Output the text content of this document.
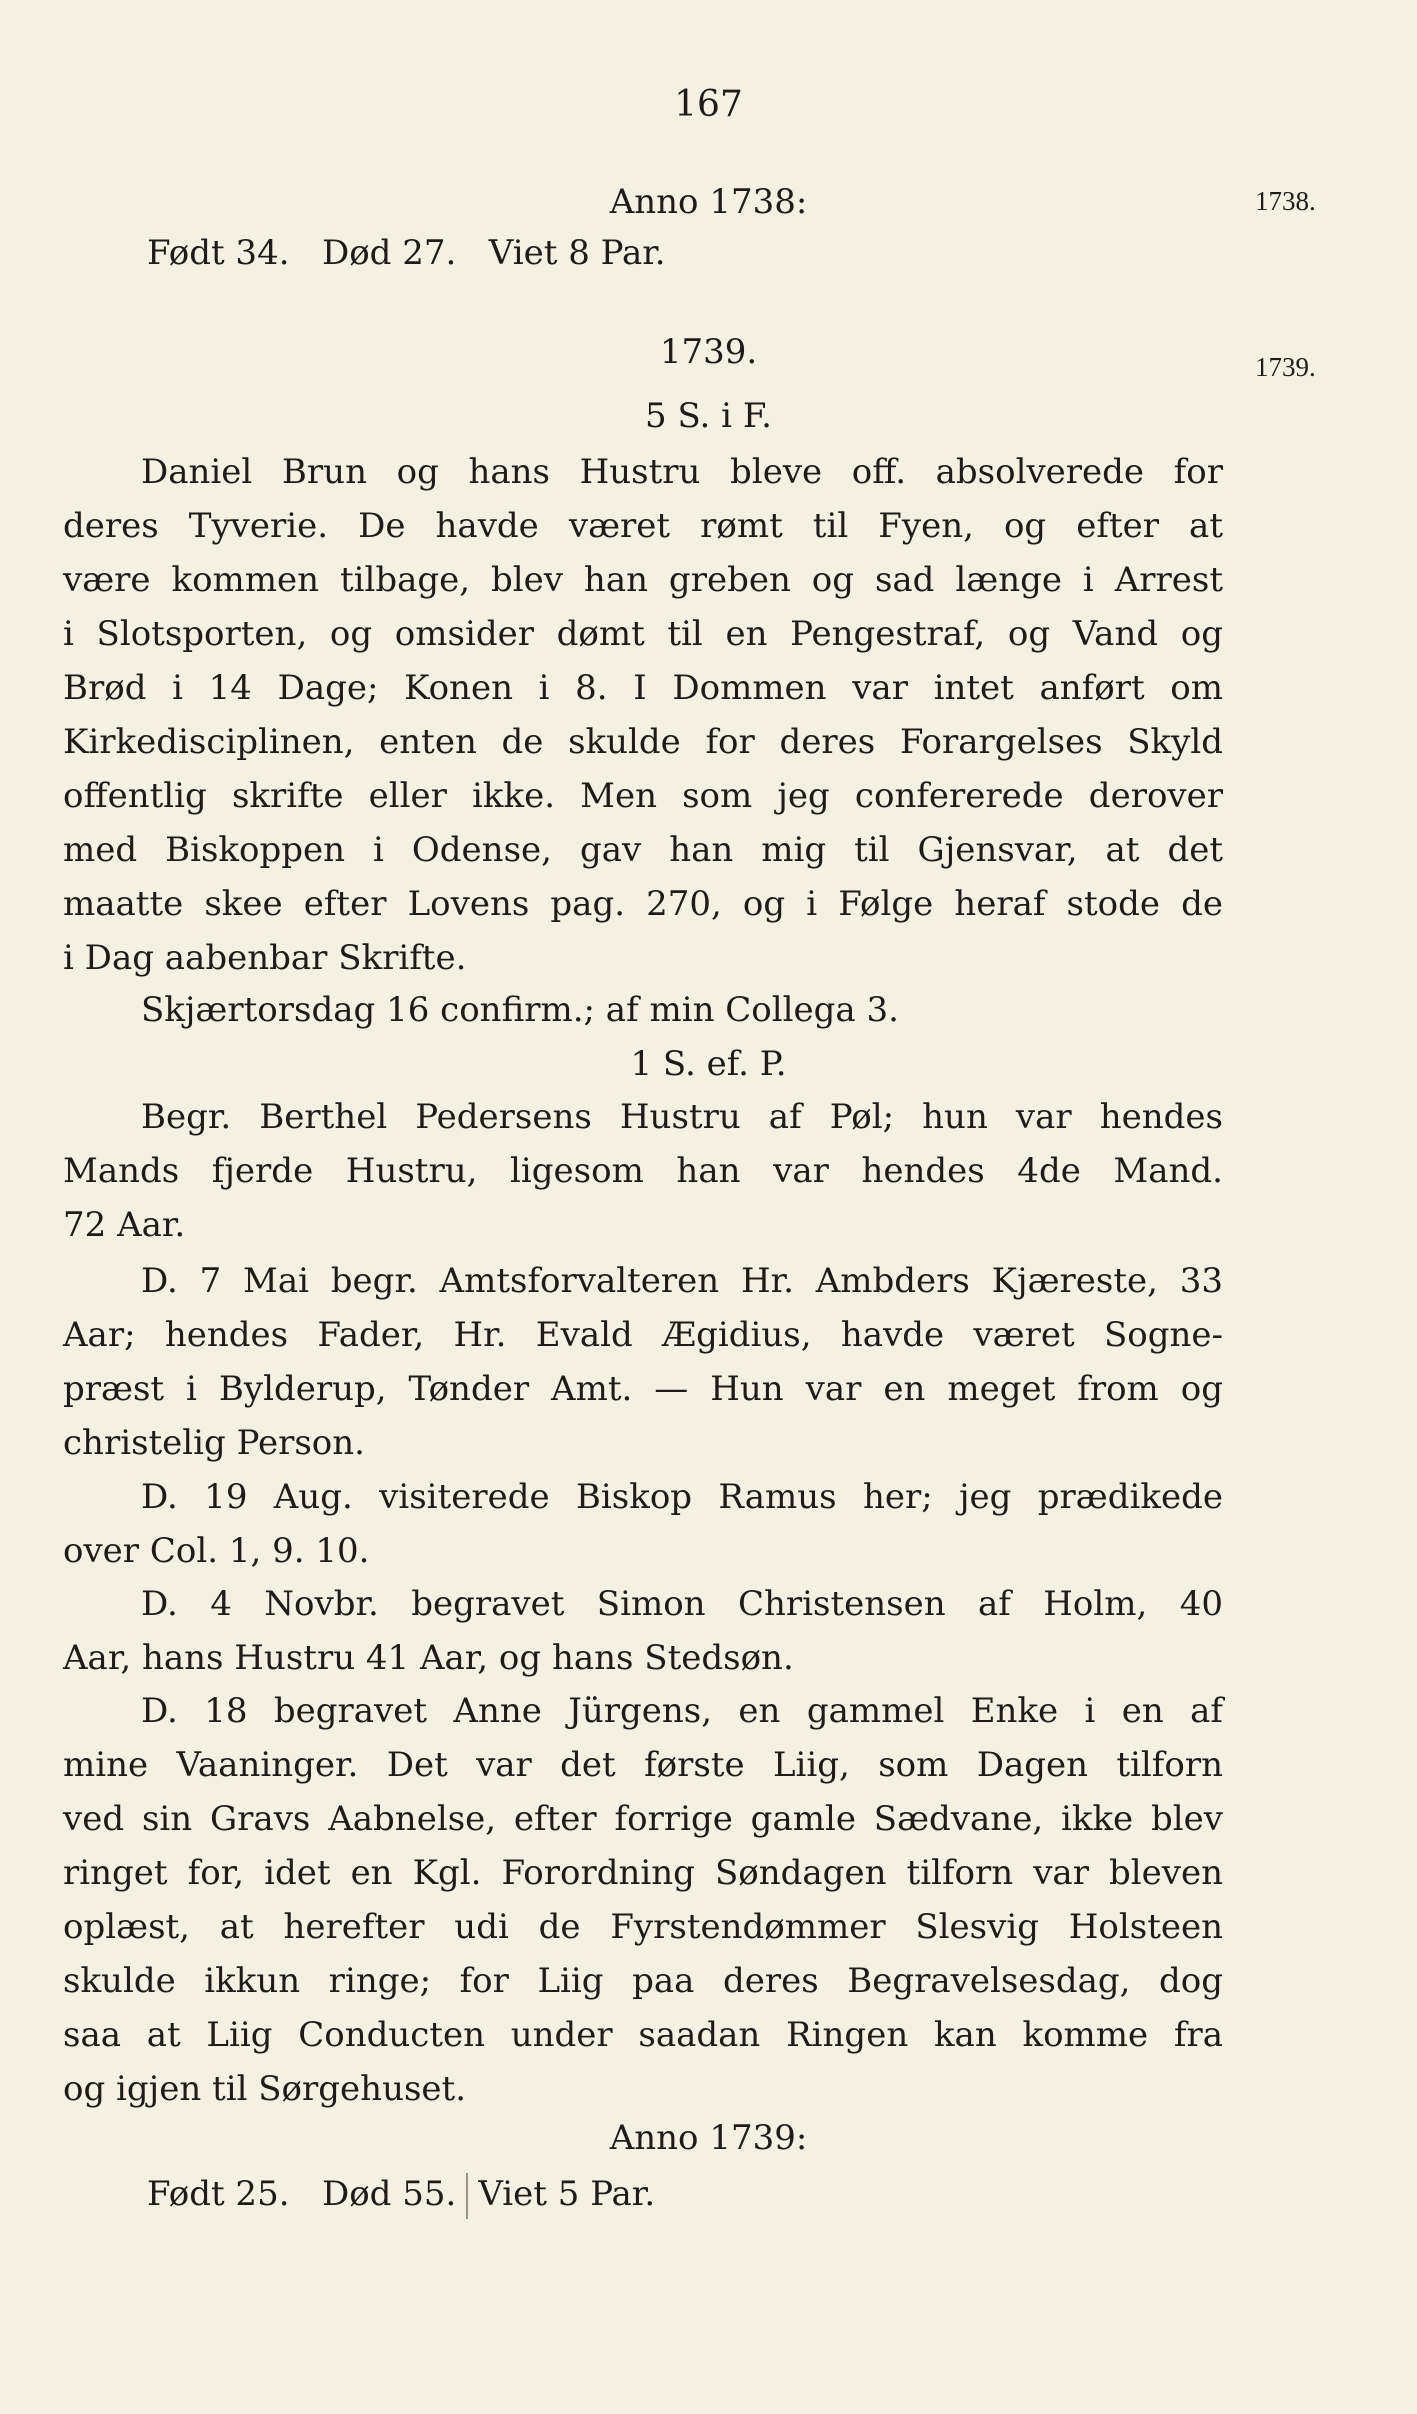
167
Anno 1738:	1738.
Født 34. Død 27. Viet 8 Par.
1739.	1739.
5 S. i F.
Daniel Brun og hans Hustru bleve off. absolverede for
deres Tyverie. De havde været rømt til Fyen, og efter at
være kommen tilbage, blev han greben og sad længe i Arrest
i Slotsporten, og omsider dømt til en Pengestraf, og Vand og
Brød i 14 Dage; Konen i 8. I Dommen var intet anført om
Kirkedisciplinen, enten de skulde for deres Forargelses Skyld
offentlig skrifte eller ikke. Men som jeg confererede derover
med Biskoppen i Odense, gav han mig til Gjensvar, at det
maatte skee efter Lovens pag. 270, og i Følge heraf stode de
i Dag aabenbar Skrifte.
Skjærtorsdag 16 confirm.; af min Collega 3.
1 S. ef. P.
Begr. Berthel Pedersens Hustru af Pøl; hun var hendes
Mands fjerde Hustru, ligesom han var hendes 4de Mand.
72 Aar.
D. 7 Mai begr. Amtsforvalteren Hr. Ambders Kjæreste, 33
Aar; hendes Fader, Hr. Evald Ægidius, havde været Sogne-
præst i Bylderup, Tønder Amt. — Hun var en meget from og
christelig Person.
D. 19 Aug. visiterede Biskop Ramus her; jeg prædikede
over Col. 1, 9. 10.
D. 4 Novbr. begravet Simon Christensen af Holm, 40
Aar, hans Hustru 41 Aar, og hans Stedsøn.
D. 18 begravet Anne Jürgens, en gammel Enke i en af
mine Vaaninger. Det var det første Liig, som Dagen tilforn
ved sin Gravs Aabnelse, efter forrige gamle Sædvane, ikke blev
ringet for, idet en Kgl. Forordning Søndagen tilforn var bleven
oplæst, at herefter udi de Fyrstendømmer Slesvig Holsteen
skulde ikkun ringe; for Liig paa deres Begravelsesdag, dog
saa at Liig Conducten under saadan Ringen kan komme fra
og igjen til Sørgehuset.
Anno 1739:
Født 25. Død 55. Viet 5 Par.
